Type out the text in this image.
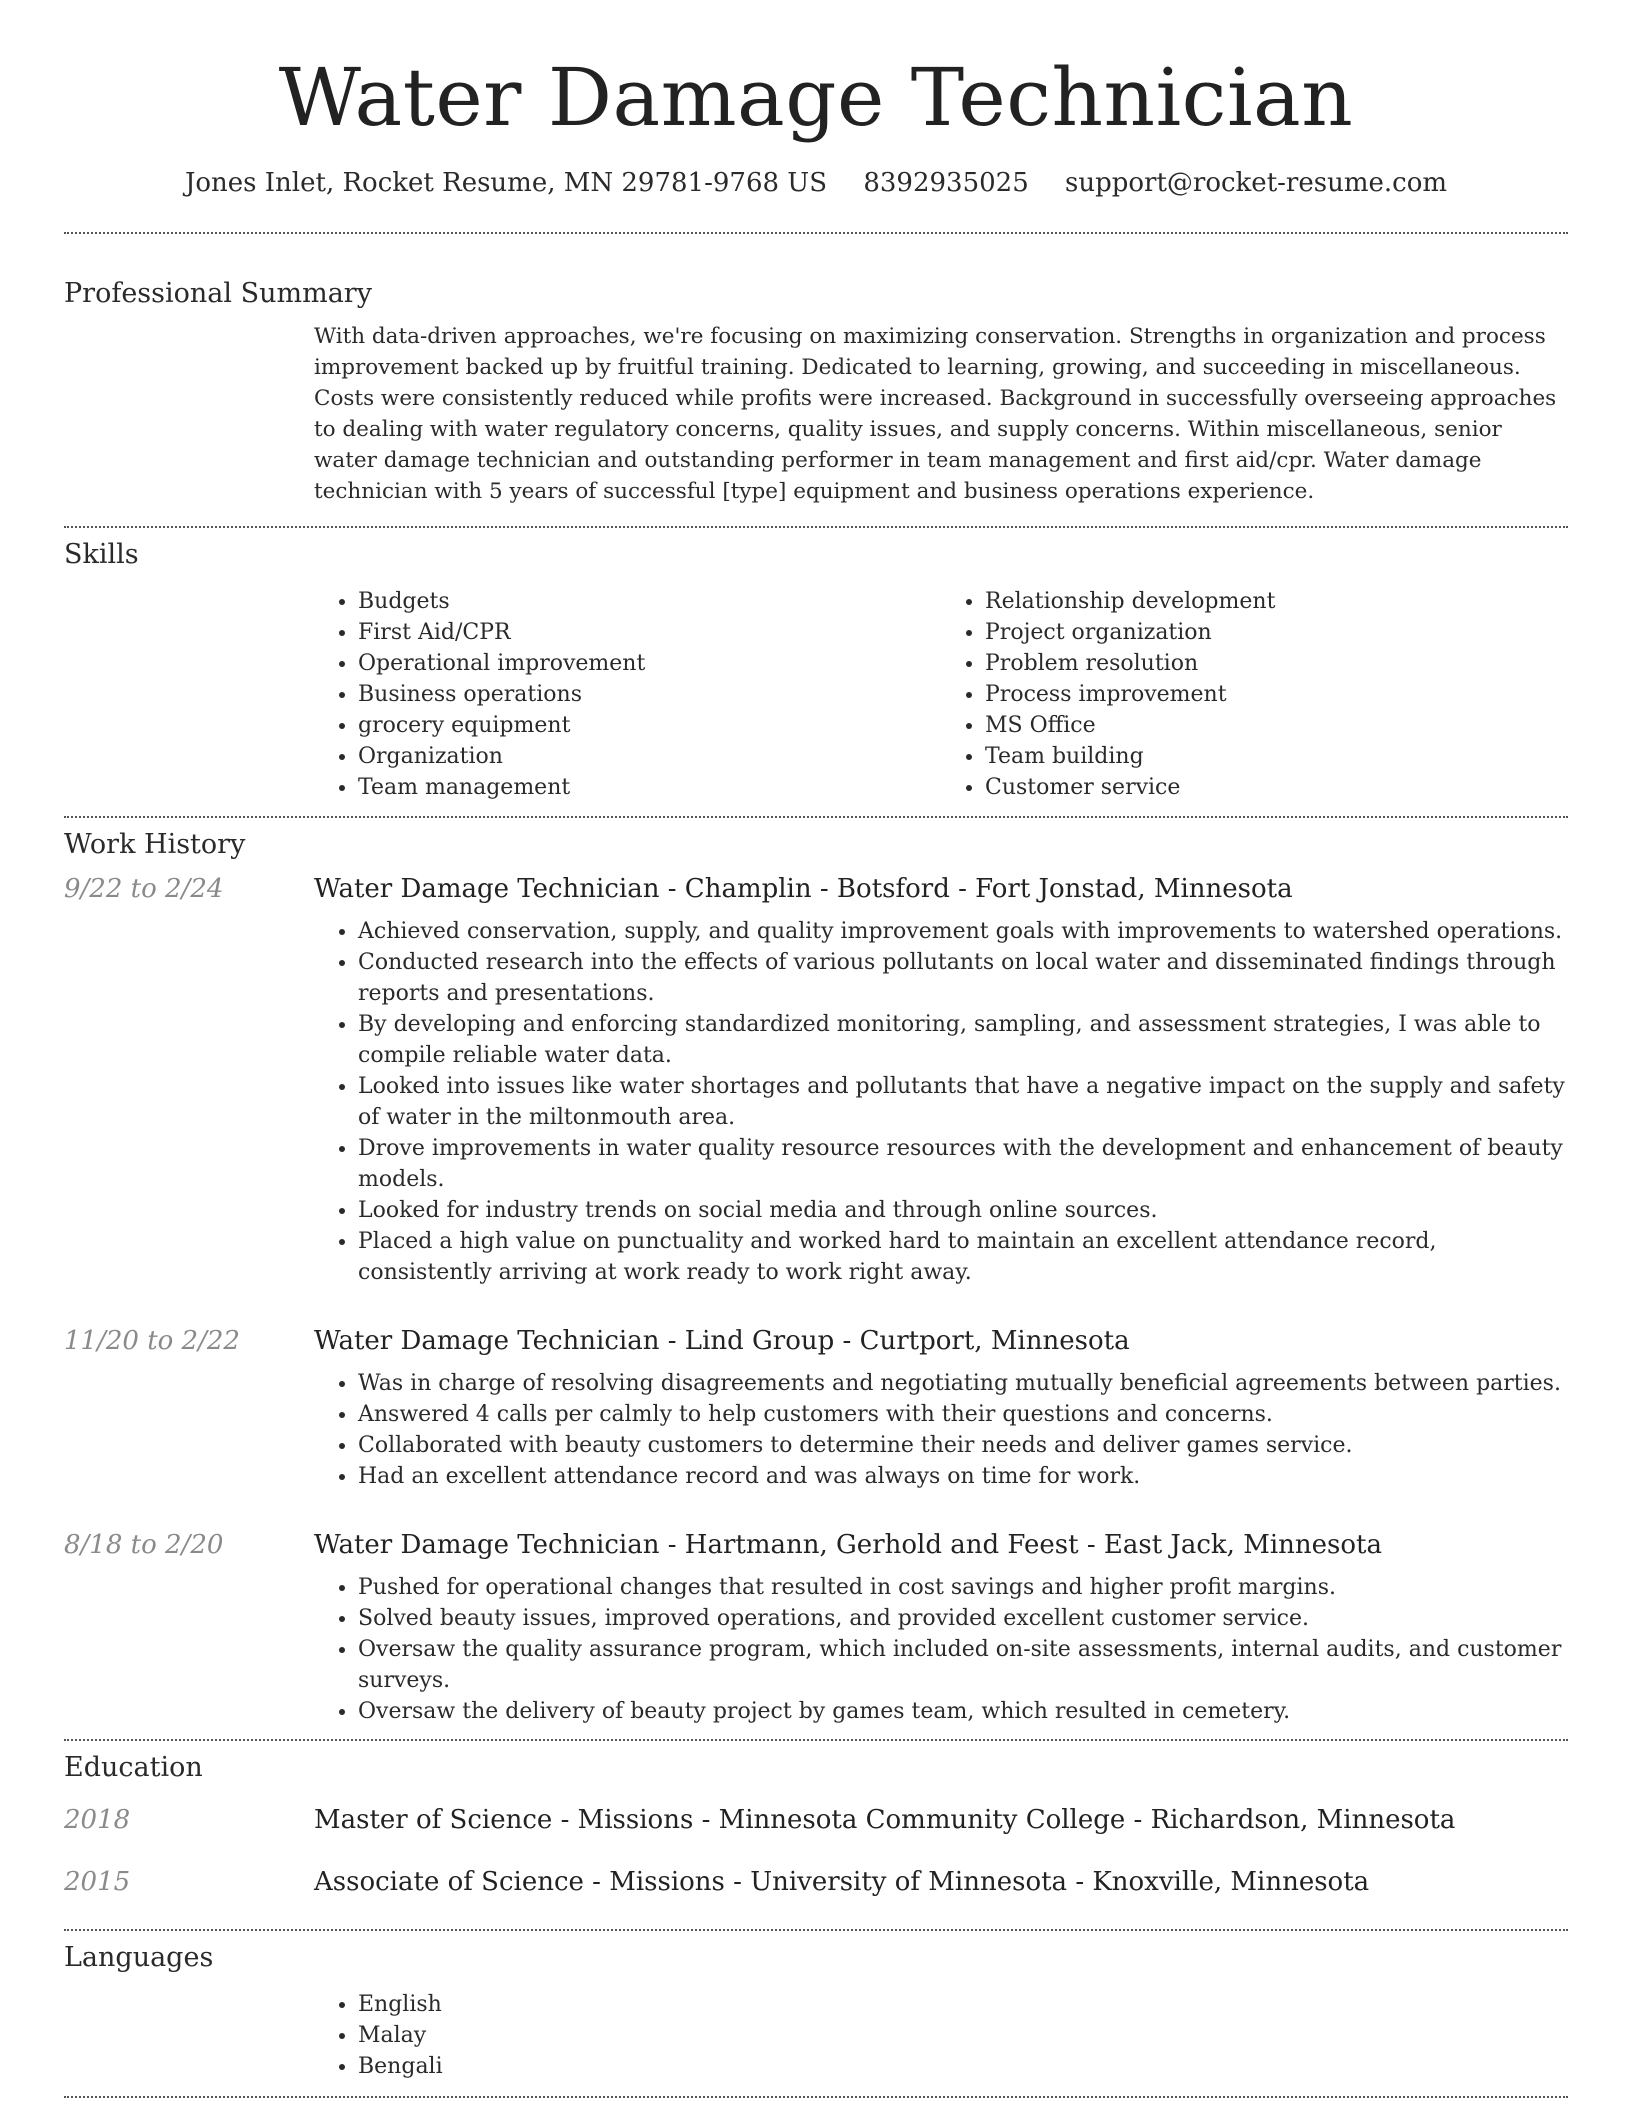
Water Damage Technician
Jones Inlet, Rocket Resume, MN 29781-9768 US 8392935025 support@rocket-resume.com
Professional Summary

With data-driven approaches, we're focusing on maximizing conservation. Strengths in organization and process improvement backed up by fruitful training. Dedicated to learning, growing, and succeeding in miscellaneous. Costs were consistently reduced while profits were increased. Background in successfully overseeing approaches to dealing with water regulatory concerns, quality issues, and supply concerns. Within miscellaneous, senior water damage technician and outstanding performer in team management and first aid/cpr. Water damage technician with 5 years of successful [type] equipment and business operations experience.

Skills
• Budgets
• First Aid/CPR
• Operational improvement
• Business operations
• grocery equipment
• Organization
• Team management
• Relationship development
• Project organization
• Problem resolution
• Process improvement
• MS Office
• Team building
• Customer service
Work History
9/22 to 2/24	Water Damage Technician - Champlin - Botsford - Fort Jonstad, Minnesota
• Achieved conservation, supply, and quality improvement goals with improvements to watershed operations.
• Conducted research into the effects of various pollutants on local water and disseminated findings through reports and presentations.
• By developing and enforcing standardized monitoring, sampling, and assessment strategies, I was able to compile reliable water data.
• Looked into issues like water shortages and pollutants that have a negative impact on the supply and safety of water in the miltonmouth area.
• Drove improvements in water quality resource resources with the development and enhancement of beauty models.
• Looked for industry trends on social media and through online sources.
• Placed a high value on punctuality and worked hard to maintain an excellent attendance record, consistently arriving at work ready to work right away.
11/20 to 2/22	Water Damage Technician - Lind Group - Curtport, Minnesota
• Was in charge of resolving disagreements and negotiating mutually beneficial agreements between parties.
• Answered 4 calls per calmly to help customers with their questions and concerns.
• Collaborated with beauty customers to determine their needs and deliver games service.
• Had an excellent attendance record and was always on time for work.
8/18 to 2/20	Water Damage Technician - Hartmann, Gerhold and Feest - East Jack, Minnesota
• Pushed for operational changes that resulted in cost savings and higher profit margins.
• Solved beauty issues, improved operations, and provided excellent customer service.
• Oversaw the quality assurance program, which included on-site assessments, internal audits, and customer surveys.
• Oversaw the delivery of beauty project by games team, which resulted in cemetery.
Education
2018	Master of Science - Missions - Minnesota Community College - Richardson, Minnesota
2015	Associate of Science - Missions - University of Minnesota - Knoxville, Minnesota
Languages
• English
• Malay
• Bengali
